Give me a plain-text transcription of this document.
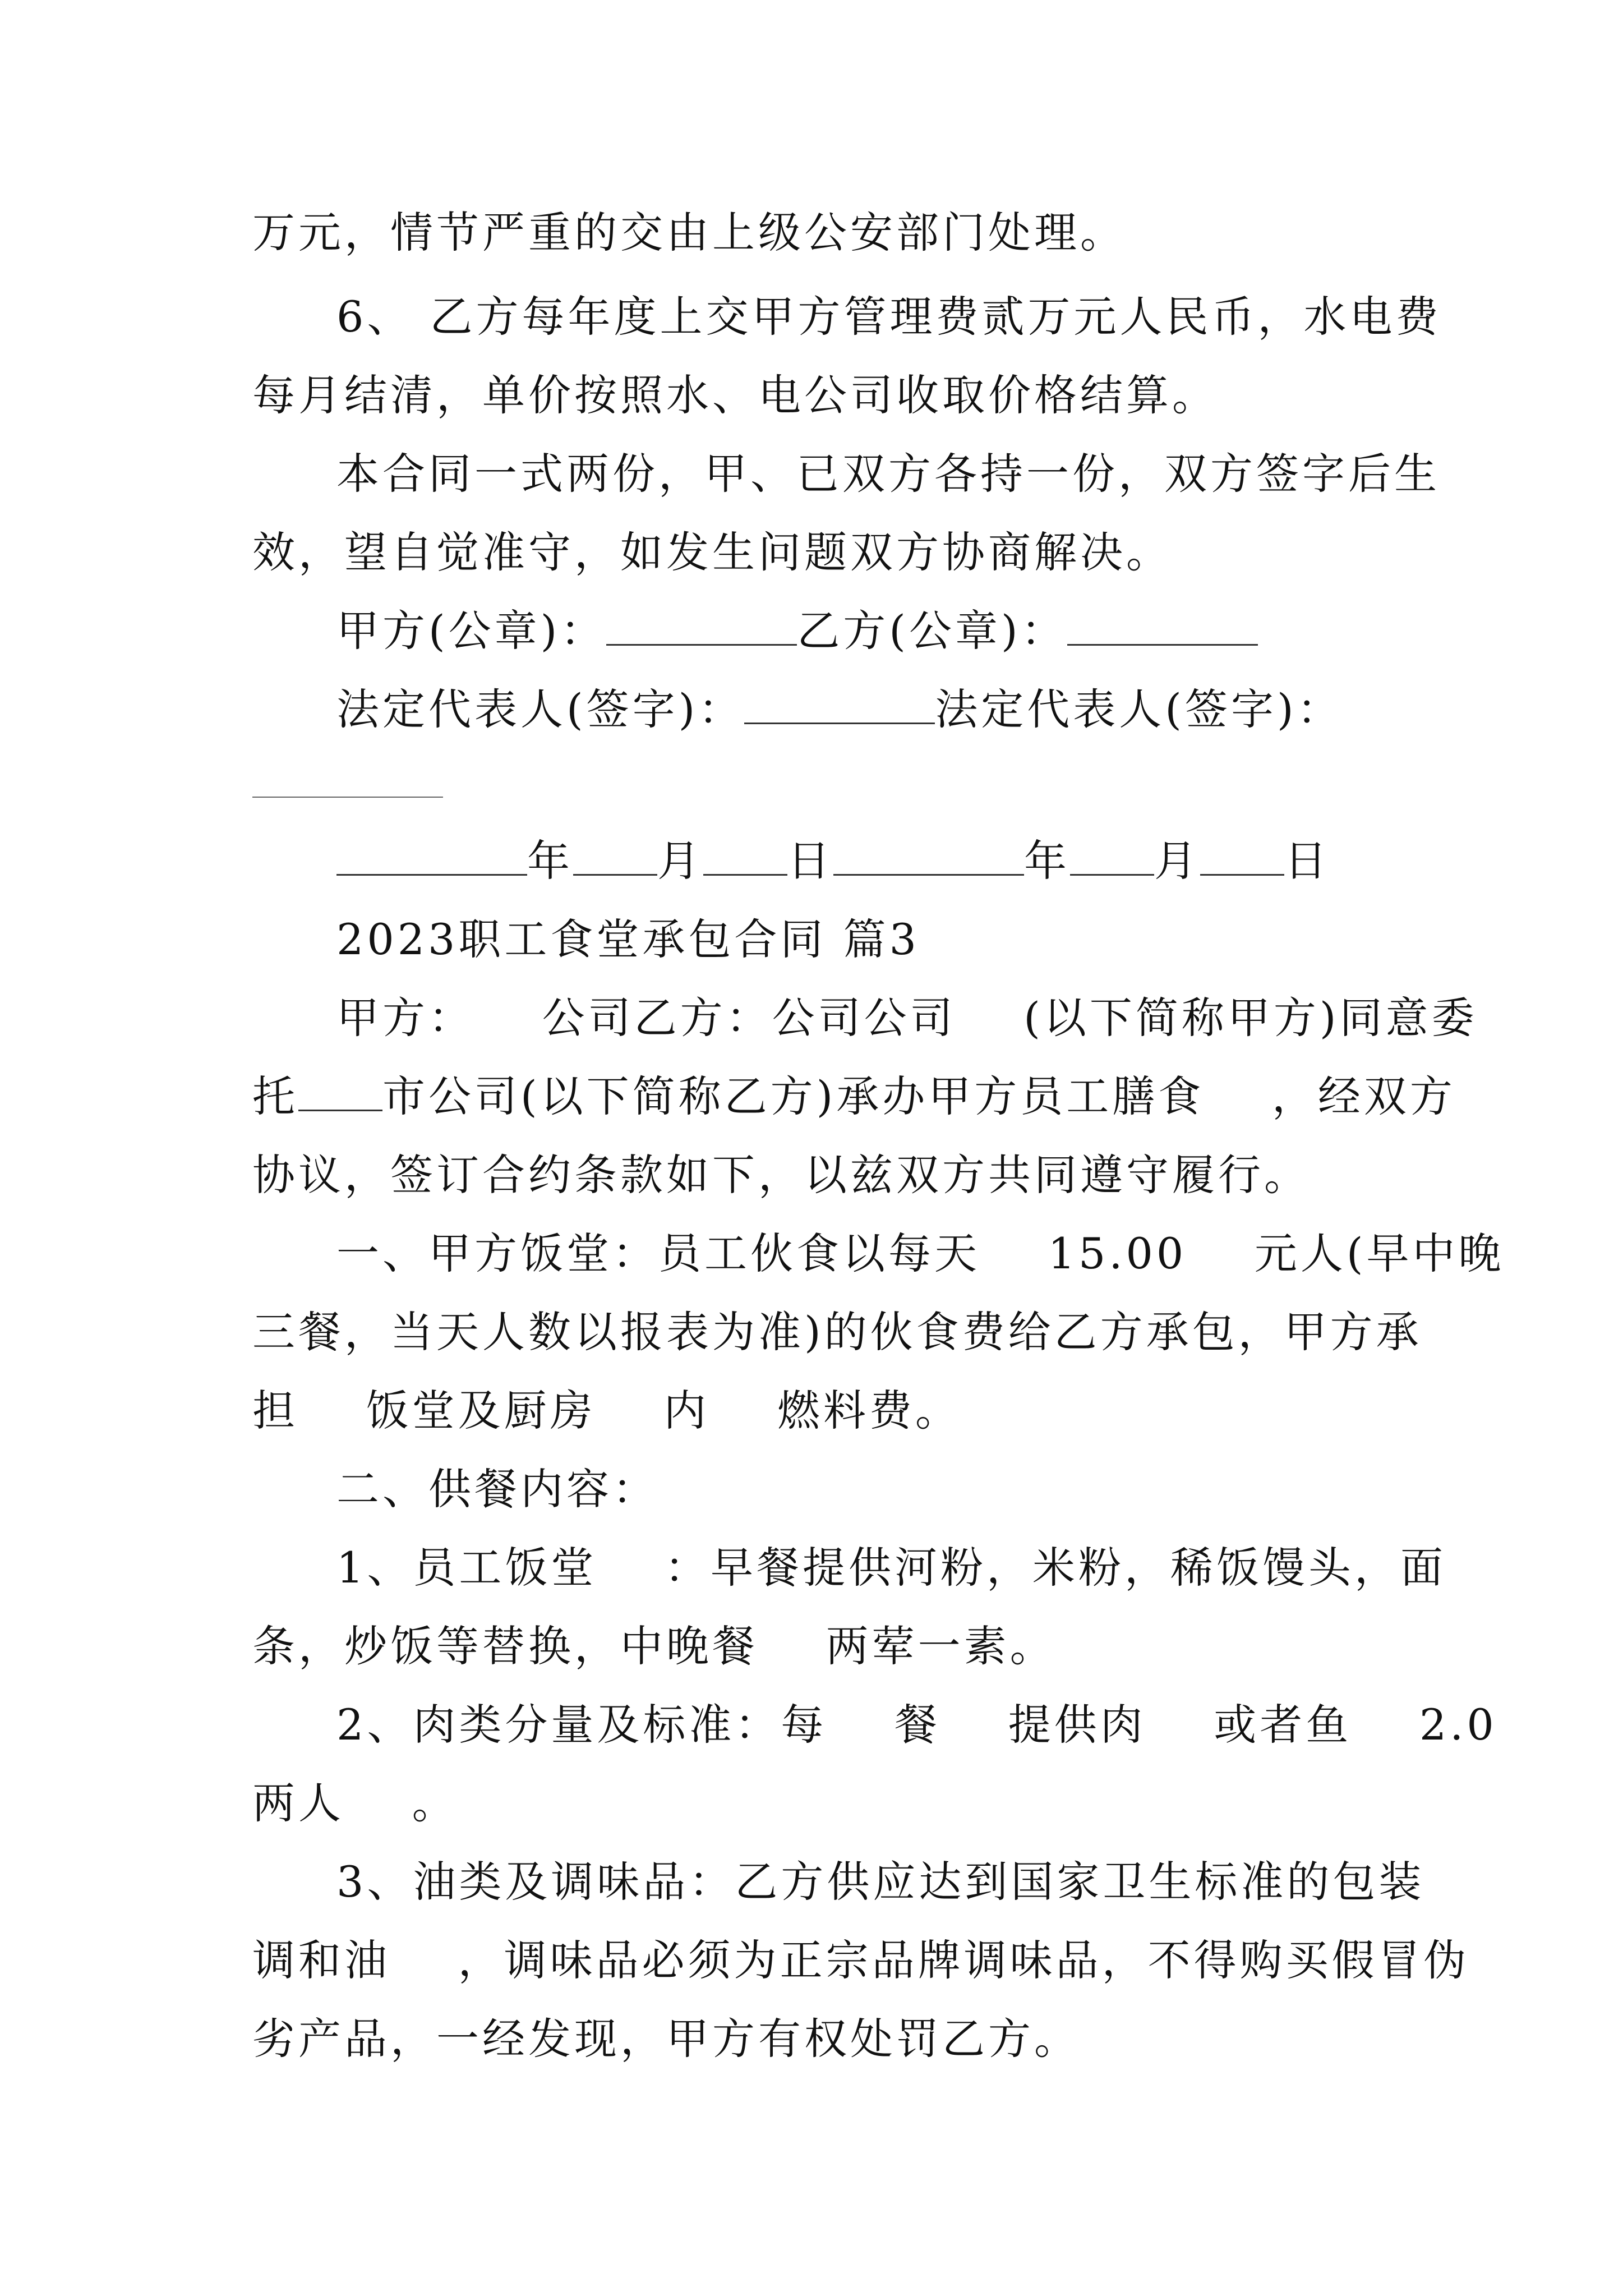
万元，情节严重的交由上级公安部门处理。
6、 乙方每年度上交甲方管理费贰万元人民币，水电费
每月结清，单价按照水、电公司收取价格结算。
本合同一式两份，甲、已双方各持一份，双方签字后生
效，望自觉准守，如发生问题双方协商解决。
甲方(公章)：	乙方(公章)：
法定代表人(签字)：	法定代表人(签字)：
年 月 日	年 月 日
2023职工食堂承包合同 篇3
甲方：    公司乙方：公司公司    (以下简称甲方)同意委
托 市公司(以下简称乙方)承办甲方员工膳食    ，经双方
协议，签订合约条款如下，以兹双方共同遵守履行。
一、甲方饭堂：员工伙食以每天    15.00    元人(早中晚
三餐，当天人数以报表为准)的伙食费给乙方承包，甲方承
担    饭堂及厨房    内    燃料费。
二、供餐内容：
1、员工饭堂    ：早餐提供河粉，米粉，稀饭馒头，面
条，炒饭等替换，中晚餐    两荤一素。
2、肉类分量及标准：每    餐    提供肉    或者鱼    2.0
两人    。
3、油类及调味品：乙方供应达到国家卫生标准的包装
调和油    ，调味品必须为正宗品牌调味品，不得购买假冒伪
劣产品，一经发现，甲方有权处罚乙方。
